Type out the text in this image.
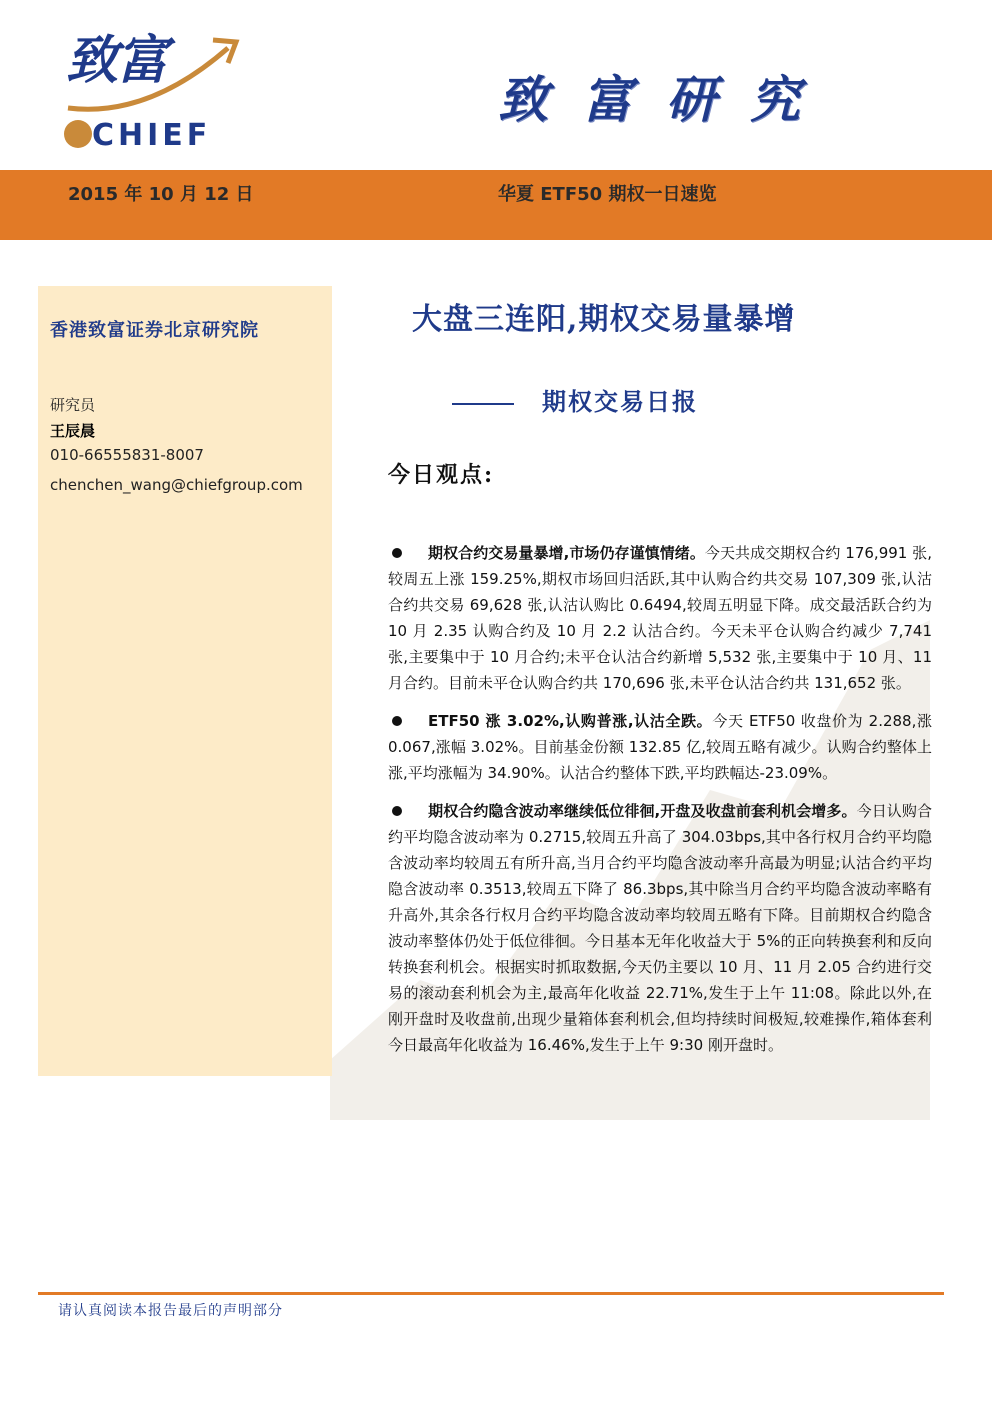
致富
CHIEF
致富研究
2015 年 10 月 12 日	华夏 ETF50 期权一日速览
香港致富证券北京研究院
研究员
王辰晨
010-66555831-8007
chenchen_wang@chiefgroup.com
大盘三连阳,期权交易量暴增
期权交易日报
今日观点:

期权合约交易量暴增,市场仍存谨慎情绪。今天共成交期权合约 176,991 张,较周五上涨 159.25%,期权市场回归活跃,其中认购合约共交易 107,309 张,认沽合约共交易 69,628 张,认沽认购比 0.6494,较周五明显下降。成交最活跃合约为 10 月 2.35 认购合约及 10 月 2.2 认沽合约。今天未平仓认购合约减少 7,741 张,主要集中于 10 月合约;未平仓认沽合约新增 5,532 张,主要集中于 10 月、11 月合约。目前未平仓认购合约共 170,696 张,未平仓认沽合约共 131,652 张。

ETF50 涨 3.02%,认购普涨,认沽全跌。今天 ETF50 收盘价为 2.288,涨 0.067,涨幅 3.02%。目前基金份额 132.85 亿,较周五略有减少。认购合约整体上涨,平均涨幅为 34.90%。认沽合约整体下跌,平均跌幅达-23.09%。

期权合约隐含波动率继续低位徘徊,开盘及收盘前套利机会增多。今日认购合约平均隐含波动率为 0.2715,较周五升高了 304.03bps,其中各行权月合约平均隐含波动率均较周五有所升高,当月合约平均隐含波动率升高最为明显;认沽合约平均隐含波动率 0.3513,较周五下降了 86.3bps,其中除当月合约平均隐含波动率略有升高外,其余各行权月合约平均隐含波动率均较周五略有下降。目前期权合约隐含波动率整体仍处于低位徘徊。今日基本无年化收益大于 5%的正向转换套利和反向转换套利机会。根据实时抓取数据,今天仍主要以 10 月、11 月 2.05 合约进行交易的滚动套利机会为主,最高年化收益 22.71%,发生于上午 11:08。除此以外,在刚开盘时及收盘前,出现少量箱体套利机会,但均持续时间极短,较难操作,箱体套利今日最高年化收益为 16.46%,发生于上午 9:30 刚开盘时。

请认真阅读本报告最后的声明部分
